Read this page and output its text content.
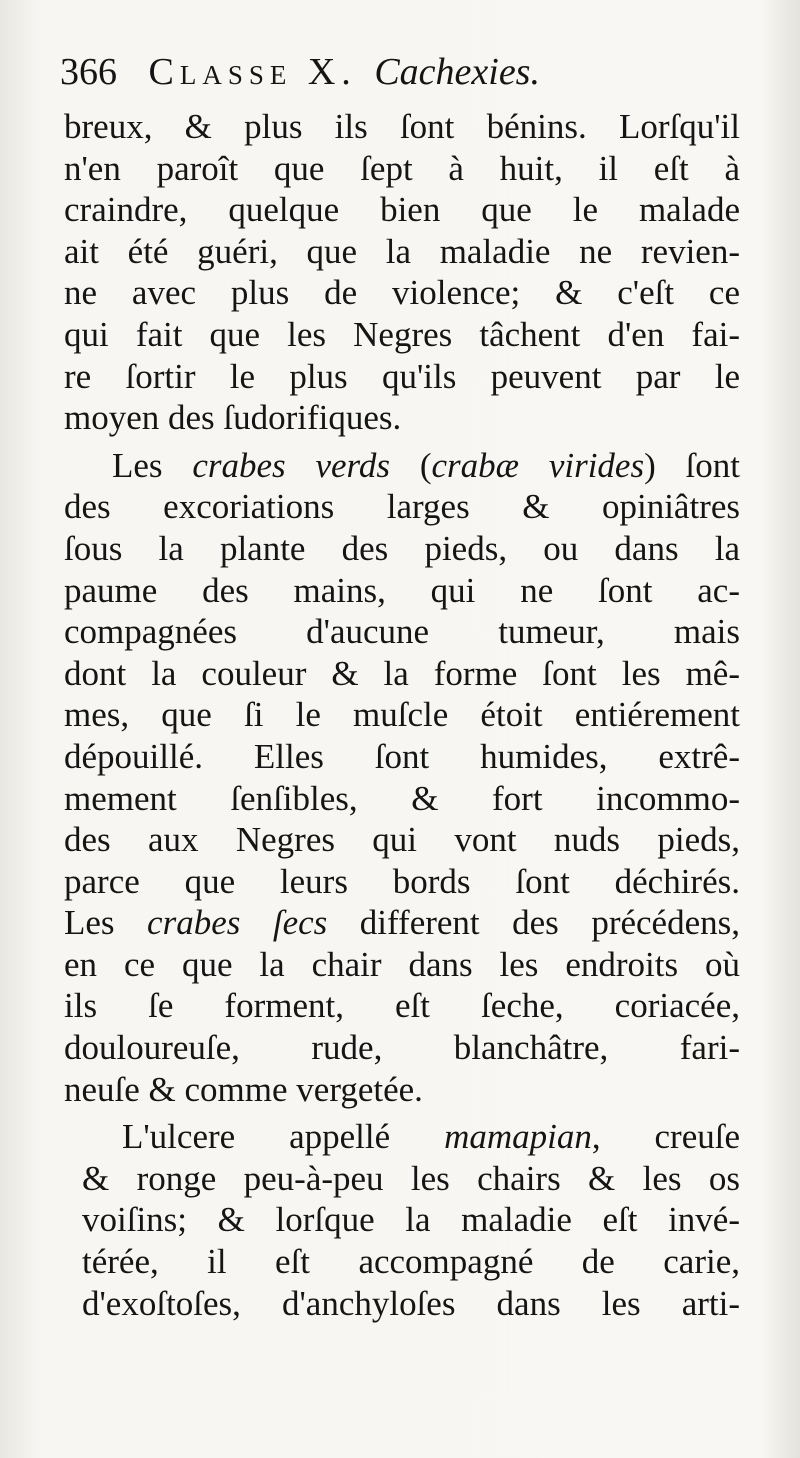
366 Classe X. Cachexies.
breux, & plus ils ſont bénins. Lorſqu'il
n'en paroît que ſept à huit, il eſt à
craindre, quelque bien que le malade
ait été guéri, que la maladie ne revien-
ne avec plus de violence; & c'eſt ce
qui fait que les Negres tâchent d'en fai-
re ſortir le plus qu'ils peuvent par le
moyen des ſudorifiques.
Les crabes verds (crabæ virides) ſont
des excoriations larges & opiniâtres
ſous la plante des pieds, ou dans la
paume des mains, qui ne ſont ac-
compagnées d'aucune tumeur, mais
dont la couleur & la forme ſont les mê-
mes, que ſi le muſcle étoit entiérement
dépouillé. Elles ſont humides, extrê-
mement ſenſibles, & fort incommo-
des aux Negres qui vont nuds pieds,
parce que leurs bords ſont déchirés.
Les crabes ſecs different des précédens,
en ce que la chair dans les endroits où
ils ſe forment, eſt ſeche, coriacée,
douloureuſe, rude, blanchâtre, fari-
neuſe & comme vergetée.
L'ulcere appellé mamapian, creuſe
& ronge peu-à-peu les chairs & les os
voiſins; & lorſque la maladie eſt invé-
térée, il eſt accompagné de carie,
d'exoſtoſes, d'anchyloſes dans les arti-
